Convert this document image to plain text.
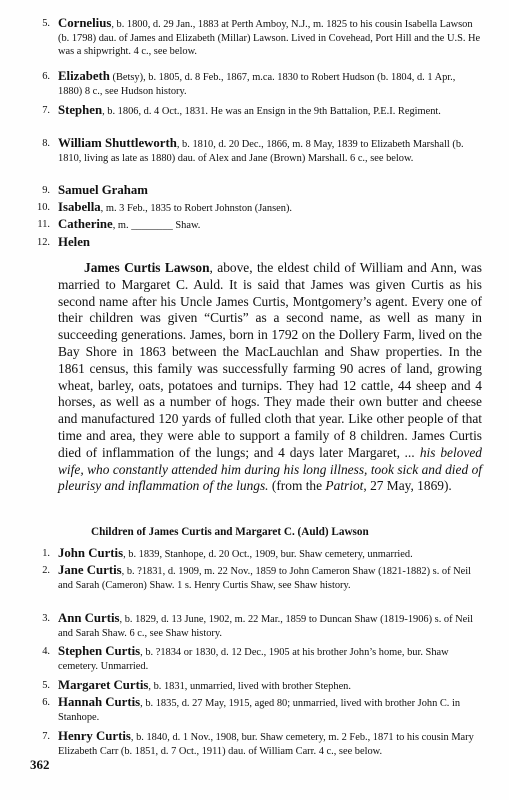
5. Cornelius, b. 1800, d. 29 Jan., 1883 at Perth Amboy, N.J., m. 1825 to his cousin Isabella Lawson (b. 1798) dau. of James and Elizabeth (Millar) Lawson. Lived in Covehead, Port Hill and the U.S. He was a shipwright. 4 c., see below.
6. Elizabeth (Betsy), b. 1805, d. 8 Feb., 1867, m.ca. 1830 to Robert Hudson (b. 1804, d. 1 Apr., 1880) 8 c., see Hudson history.
7. Stephen, b. 1806, d. 4 Oct., 1831. He was an Ensign in the 9th Battalion, P.E.I. Regiment.
8. William Shuttleworth, b. 1810, d. 20 Dec., 1866, m. 8 May, 1839 to Elizabeth Marshall (b. 1810, living as late as 1880) dau. of Alex and Jane (Brown) Marshall. 6 c., see below.
9. Samuel Graham
10. Isabella, m. 3 Feb., 1835 to Robert Johnston (Jansen).
11. Catherine, m. ________ Shaw.
12. Helen
James Curtis Lawson, above, the eldest child of William and Ann, was married to Margaret C. Auld. It is said that James was given Curtis as his second name after his Uncle James Curtis, Montgomery’s agent. Every one of their children was given “Curtis” as a second name, as well as many in succeeding generations. James, born in 1792 on the Dollery Farm, lived on the Bay Shore in 1863 between the MacLauchlan and Shaw properties. In the 1861 census, this family was successfully farming 90 acres of land, growing wheat, barley, oats, potatoes and turnips. They had 12 cattle, 44 sheep and 4 horses, as well as a number of hogs. They made their own butter and cheese and manufactured 120 yards of fulled cloth that year. Like other people of that time and area, they were able to support a family of 8 children. James Curtis died of inflammation of the lungs; and 4 days later Margaret, ... his beloved wife, who constantly attended him during his long illness, took sick and died of pleurisy and inflammation of the lungs. (from the Patriot, 27 May, 1869).
Children of James Curtis and Margaret C. (Auld) Lawson
1. John Curtis, b. 1839, Stanhope, d. 20 Oct., 1909, bur. Shaw cemetery, unmarried.
2. Jane Curtis, b. ?1831, d. 1909, m. 22 Nov., 1859 to John Cameron Shaw (1821-1882) s. of Neil and Sarah (Cameron) Shaw. 1 s. Henry Curtis Shaw, see Shaw history.
3. Ann Curtis, b. 1829, d. 13 June, 1902, m. 22 Mar., 1859 to Duncan Shaw (1819-1906) s. of Neil and Sarah Shaw. 6 c., see Shaw history.
4. Stephen Curtis, b. ?1834 or 1830, d. 12 Dec., 1905 at his brother John’s home, bur. Shaw cemetery. Unmarried.
5. Margaret Curtis, b. 1831, unmarried, lived with brother Stephen.
6. Hannah Curtis, b. 1835, d. 27 May, 1915, aged 80; unmarried, lived with brother John C. in Stanhope.
7. Henry Curtis, b. 1840, d. 1 Nov., 1908, bur. Shaw cemetery, m. 2 Feb., 1871 to his cousin Mary Elizabeth Carr (b. 1851, d. 7 Oct., 1911) dau. of William Carr. 4 c., see below.
362
